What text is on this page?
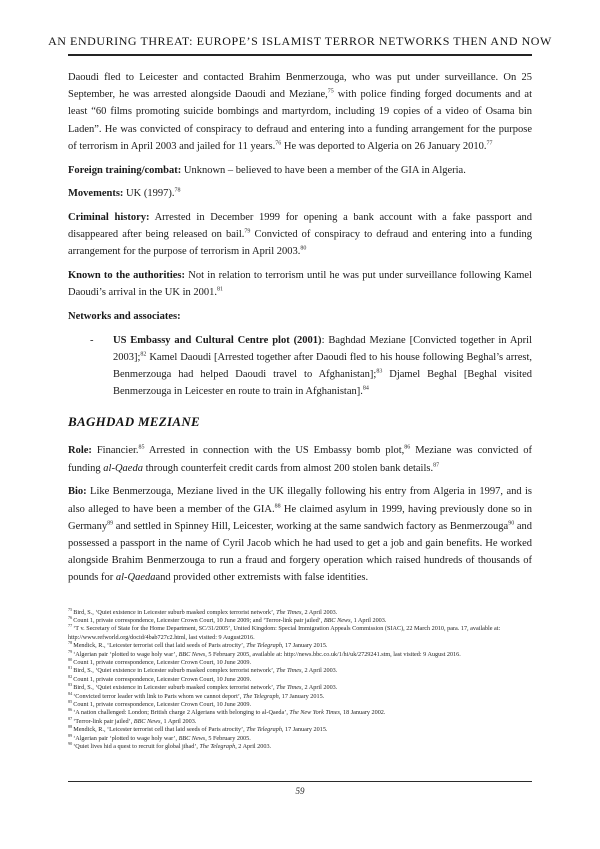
AN ENDURING THREAT: EUROPE’S ISLAMIST TERROR NETWORKS THEN AND NOW

Daoudi fled to Leicester and contacted Brahim Benmerzouga, who was put under surveillance. On 25 September, he was arrested alongside Daoudi and Meziane,$^{75}$ with police finding forged documents and at least “60 films promoting suicide bombings and martyrdom, including 19 copies of a video of Osama bin Laden”. He was convicted of conspiracy to defraud and entering into a funding arrangement for the purpose of terrorism in April 2003 and jailed for 11 years.$^{76}$ He was deported to Algeria on 26 January 2010.77

Foreign training/combat: Unknown – believed to have been a member of the GIA in Algeria.

Movements: UK (1997).$^{78}$

Criminal history: Arrested in December 1999 for opening a bank account with a fake passport and disappeared after being released on bail.$^{79}$ Convicted of conspiracy to defraud and entering into a funding arrangement for the purpose of terrorism in April 2003.80

Known to the authorities: Not in relation to terrorism until he was put under surveillance following Kamel Daoudi’s arrival in the UK in 2001.81

Networks and associates:

-	US Embassy and Cultural Centre plot (2001): Baghdad Meziane [Convicted together in April 2003];$^{82}$ Kamel Daoudi [Arrested together after Daoudi fled to his house following Beghal’s arrest, Benmerzouga had helped Daoudi travel to Afghanistan];$^{83}$ Djamel Beghal [Beghal visited Benmerzouga in Leicester en route to train in Afghanistan].$^{84}$
BAGHDAD MEZIANE

Role: Financier.$^{85}$ Arrested in connection with the US Embassy bomb plot,$^{86}$ Meziane was convicted of funding al-Qaeda through counterfeit credit cards from almost 200 stolen bank details.$^{87}$

Bio: Like Benmerzouga, Meziane lived in the UK illegally following his entry from Algeria in 1997, and is also alleged to have been a member of the GIA.$^{88}$ He claimed asylum in 1999, having previously done so in Germany$^{89}$ and settled in Spinney Hill, Leicester, working at the same sandwich factory as Benmerzouga$^{90}$ and possessed a passport in the name of Cyril Jacob which he had used to get a job and gain benefits. He worked alongside Brahim Benmerzouga to run a fraud and forgery operation which raised hundreds of thousands of pounds for al-Qaedaand provided other extremists with false identities.

$^{75}$Bird, S., ‘Quiet existence in Leicester suburb masked complex terrorist network’, The Times, 2 April 2003.
$^{76}$Count 1, private correspondence, Leicester Crown Court, 10 June 2009; and ‘Terror-link pair jailed’, BBC News, 1 April 2003.
$^{77}$‘T v. Secretary of State for the Home Department, SC/31/2005’, United Kingdom: Special Immigration Appeals Commission (SIAC), 22 March 2010, para. 17, available at: http://www.refworld.org/docid/4bab727c2.html, last visited: 9 August2016.
$^{78}$Mendick, R., ‘Leicester terrorist cell that laid seeds of Paris atrocity’, The Telegraph, 17 January 2015.
$^{79}$‘Algerian pair ‘plotted to wage holy war’, BBC News, 5 February 2005, available at: http://news.bbc.co.uk/1/hi/uk/2729241.stm, last visited: 9 August 2016.
$^{80}$Count 1, private correspondence, Leicester Crown Court, 10 June 2009.
$^{81}$Bird, S., ‘Quiet existence in Leicester suburb masked complex terrorist network’, The Times, 2 April 2003.
$^{82}$Count 1, private correspondence, Leicester Crown Court, 10 June 2009.
$^{83}$Bird, S., ‘Quiet existence in Leicester suburb masked complex terrorist network’, The Times, 2 April 2003.
$^{84}$‘Convicted terror leader with link to Paris whom we cannot deport’, The Telegraph, 17 January 2015.
$^{85}$Count 1, private correspondence, Leicester Crown Court, 10 June 2009.
$^{86}$‘A nation challenged: London; British charge 2 Algerians with belonging to al-Qaeda’, The New York Times, 18 January 2002.
$^{87}$‘Terror-link pair jailed’, BBC News, 1 April 2003.
$^{88}$Mendick, R., ‘Leicester terrorist cell that laid seeds of Paris atrocity’, The Telegraph, 17 January 2015.
$^{89}$‘Algerian pair ‘plotted to wage holy war’, BBC News, 5 February 2005.
$^{90}$‘Quiet lives hid a quest to recruit for global jihad’, The Telegraph, 2 April 2003.
59
